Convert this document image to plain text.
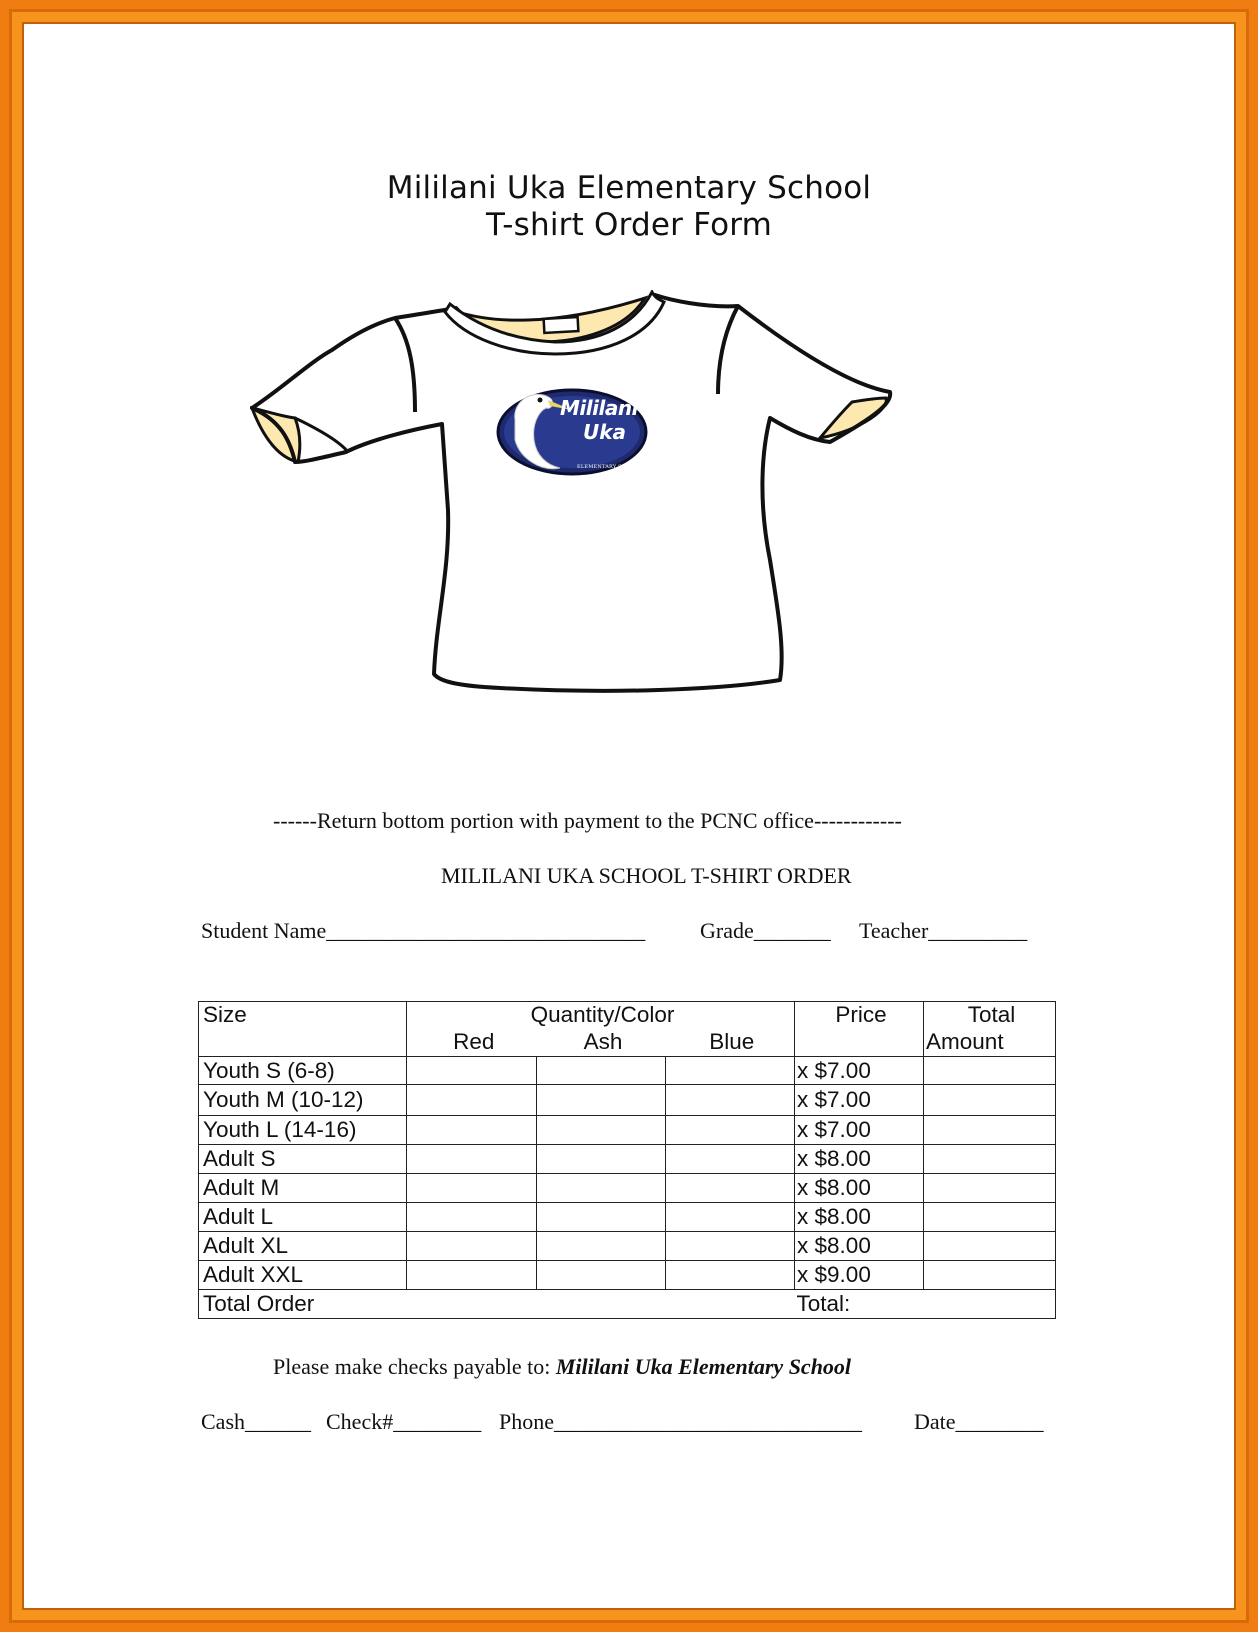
Mililani Uka Elementary School
T-shirt Order Form
Mililani
Uka
ELEMENTARY SCHOOL
------Return bottom portion with payment to the PCNC office------------
MILILANI UKA SCHOOL T-SHIRT ORDER
Student Name_____________________________ Grade_______ Teacher_________
Size	Quantity/Color			Price	Total
	Red	Ash	Blue		Amount
Youth S (6-8)				x $7.00	
Youth M (10-12)				x $7.00	
Youth L (14-16)				x $7.00	
Adult S				x $8.00	
Adult M				x $8.00	
Adult L				x $8.00	
Adult XL				x $8.00	
Adult XXL				x $9.00	
Total Order				Total:	
Please make checks payable to: Mililani Uka Elementary School
Cash______ Check#________ Phone____________________________ Date________
